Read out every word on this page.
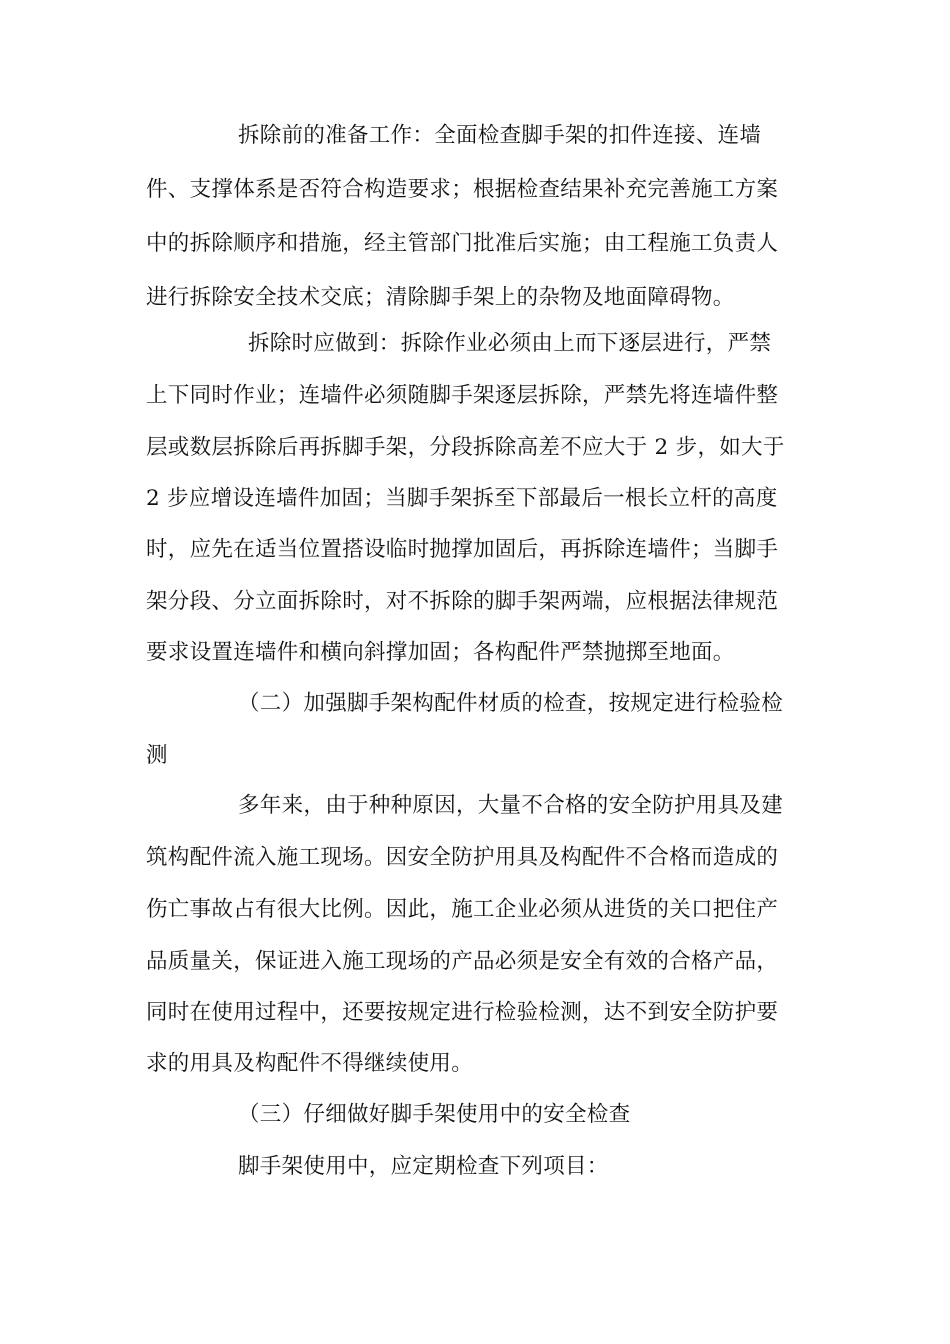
拆除前的准备工作：全面检查脚手架的扣件连接、连墙
件、支撑体系是否符合构造要求；根据检查结果补充完善施工方案
中的拆除顺序和措施，经主管部门批准后实施；由工程施工负责人
进行拆除安全技术交底；清除脚手架上的杂物及地面障碍物。
拆除时应做到：拆除作业必须由上而下逐层进行，严禁
上下同时作业；连墙件必须随脚手架逐层拆除，严禁先将连墙件整
层或数层拆除后再拆脚手架，分段拆除高差不应大于 2 步，如大于
2 步应增设连墙件加固；当脚手架拆至下部最后一根长立杆的高度
时，应先在适当位置搭设临时抛撑加固后，再拆除连墙件；当脚手
架分段、分立面拆除时，对不拆除的脚手架两端，应根据法律规范
要求设置连墙件和横向斜撑加固；各构配件严禁抛掷至地面。
（二）加强脚手架构配件材质的检查，按规定进行检验检
测
多年来，由于种种原因，大量不合格的安全防护用具及建
筑构配件流入施工现场。因安全防护用具及构配件不合格而造成的
伤亡事故占有很大比例。因此，施工企业必须从进货的关口把住产
品质量关，保证进入施工现场的产品必须是安全有效的合格产品，
同时在使用过程中，还要按规定进行检验检测，达不到安全防护要
求的用具及构配件不得继续使用。
（三）仔细做好脚手架使用中的安全检查
脚手架使用中，应定期检查下列项目：
